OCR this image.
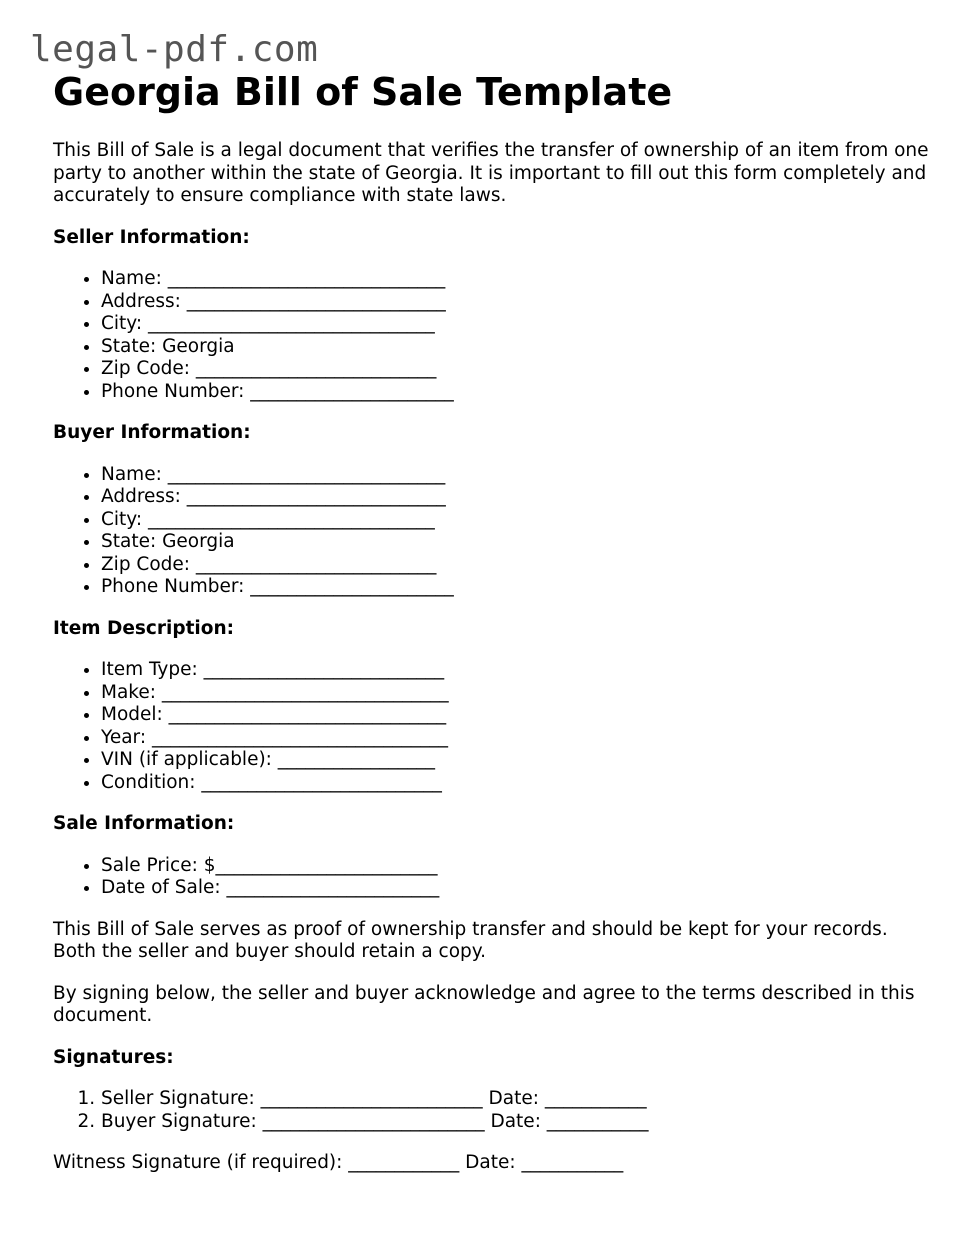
legal-pdf.com
Georgia Bill of Sale Template

This Bill of Sale is a legal document that verifies the transfer of ownership of an item from one party to another within the state of Georgia. It is important to fill out this form completely and accurately to ensure compliance with state laws.

Seller Information:
• Name: ______________________________
• Address: ____________________________
• City: _______________________________
• State: Georgia
• Zip Code: __________________________
• Phone Number: ______________________
Buyer Information:
• Name: ______________________________
• Address: ____________________________
• City: _______________________________
• State: Georgia
• Zip Code: __________________________
• Phone Number: ______________________
Item Description:
• Item Type: __________________________
• Make: _______________________________
• Model: ______________________________
• Year: ________________________________
• VIN (if applicable): _________________
• Condition: __________________________
Sale Information:
• Sale Price: $________________________
• Date of Sale: _______________________

This Bill of Sale serves as proof of ownership transfer and should be kept for your records. Both the seller and buyer should retain a copy.

By signing below, the seller and buyer acknowledge and agree to the terms described in this document.

Signatures:
1. Seller Signature: ________________________ Date: ___________
2. Buyer Signature: ________________________ Date: ___________

Witness Signature (if required): ____________ Date: ___________
